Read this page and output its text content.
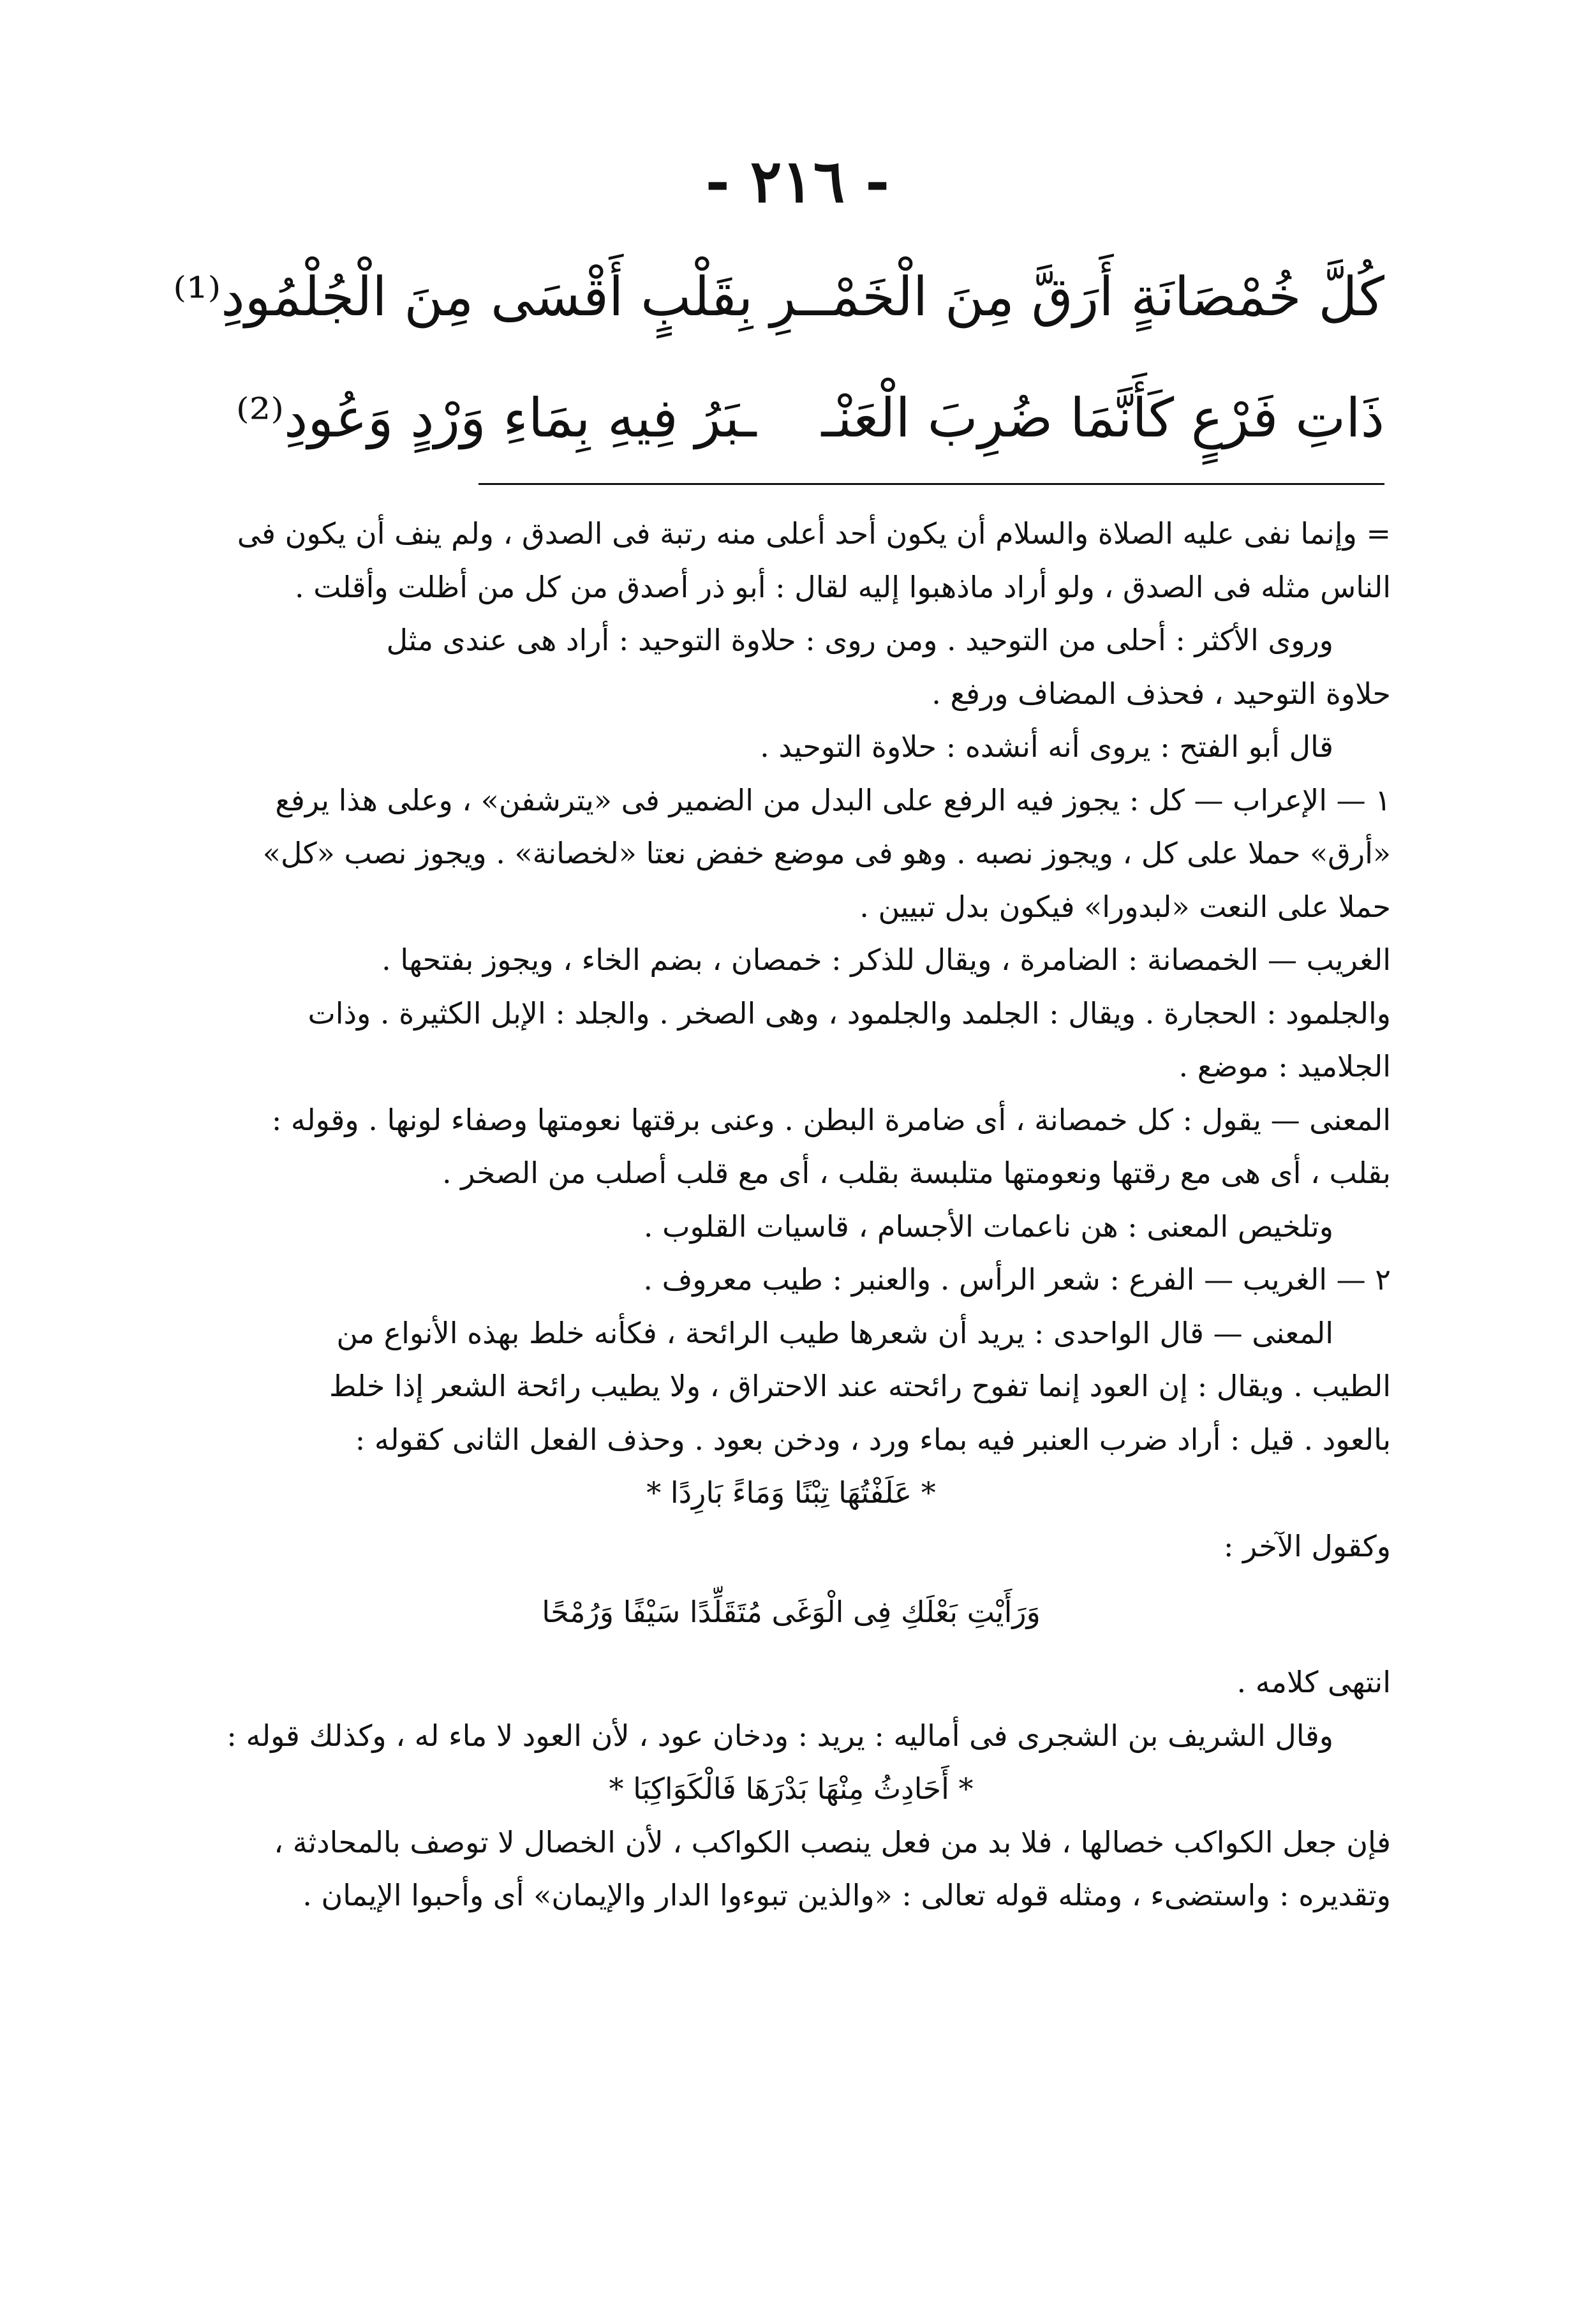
- ٢١٦ -
كُلَّ خُمْصَانَةٍ أَرَقَّ مِنَ الْخَمْـ
ـرِ بِقَلْبٍ أَقْسَى مِنَ الْجُلْمُودِ⁽¹⁾
ذَاتِ فَرْعٍ كَأَنَّمَا ضُرِبَ الْعَنْـ
ـبَرُ فِيهِ بِمَاءِ وَرْدٍ وَعُودِ⁽²⁾
= وإنما نفى عليه الصلاة والسلام أن يكون أحد أعلى منه رتبة فى الصدق ، ولم ينف أن يكون فى
الناس مثله فى الصدق ، ولو أراد ماذهبوا إليه لقال : أبو ذر أصدق من كل من أظلت وأقلت .
وروى الأكثر : أحلى من التوحيد . ومن روى : حلاوة التوحيد : أراد هى عندى مثل
حلاوة التوحيد ، فحذف المضاف ورفع .
قال أبو الفتح : يروى أنه أنشده : حلاوة التوحيد .
١ — الإعراب — كل : يجوز فيه الرفع على البدل من الضمير فى «يترشفن» ، وعلى هذا يرفع
«أرق» حملا على كل ، ويجوز نصبه . وهو فى موضع خفض نعتا «لخصانة» . ويجوز نصب «كل»
حملا على النعت «لبدورا» فيكون بدل تبيين .
الغريب — الخمصانة : الضامرة ، ويقال للذكر : خمصان ، بضم الخاء ، ويجوز بفتحها .
والجلمود : الحجارة . ويقال : الجلمد والجلمود ، وهى الصخر . والجلد : الإبل الكثيرة . وذات
الجلاميد : موضع .
المعنى — يقول : كل خمصانة ، أى ضامرة البطن . وعنى برقتها نعومتها وصفاء لونها . وقوله :
بقلب ، أى هى مع رقتها ونعومتها متلبسة بقلب ، أى مع قلب أصلب من الصخر .
وتلخيص المعنى : هن ناعمات الأجسام ، قاسيات القلوب .
٢ — الغريب — الفرع : شعر الرأس . والعنبر : طيب معروف .
المعنى — قال الواحدى : يريد أن شعرها طيب الرائحة ، فكأنه خلط بهذه الأنواع من
الطيب . ويقال : إن العود إنما تفوح رائحته عند الاحتراق ، ولا يطيب رائحة الشعر إذا خلط
بالعود . قيل : أراد ضرب العنبر فيه بماء ورد ، ودخن بعود . وحذف الفعل الثانى كقوله :
* عَلَفْتُهَا تِبْنًا وَمَاءً بَارِدًا *
وكقول الآخر :
وَرَأَيْتِ بَعْلَكِ فِى الْوَغَى مُتَقَلِّدًا سَيْفًا وَرُمْحًا
انتهى كلامه .
وقال الشريف بن الشجرى فى أماليه : يريد : ودخان عود ، لأن العود لا ماء له ، وكذلك قوله :
* أَحَادِثُ مِنْهَا بَدْرَهَا فَالْكَوَاكِبَا *
فإن جعل الكواكب خصالها ، فلا بد من فعل ينصب الكواكب ، لأن الخصال لا توصف بالمحادثة ،
وتقديره : واستضىء ، ومثله قوله تعالى : «والذين تبوءوا الدار والإيمان» أى وأحبوا الإيمان .
